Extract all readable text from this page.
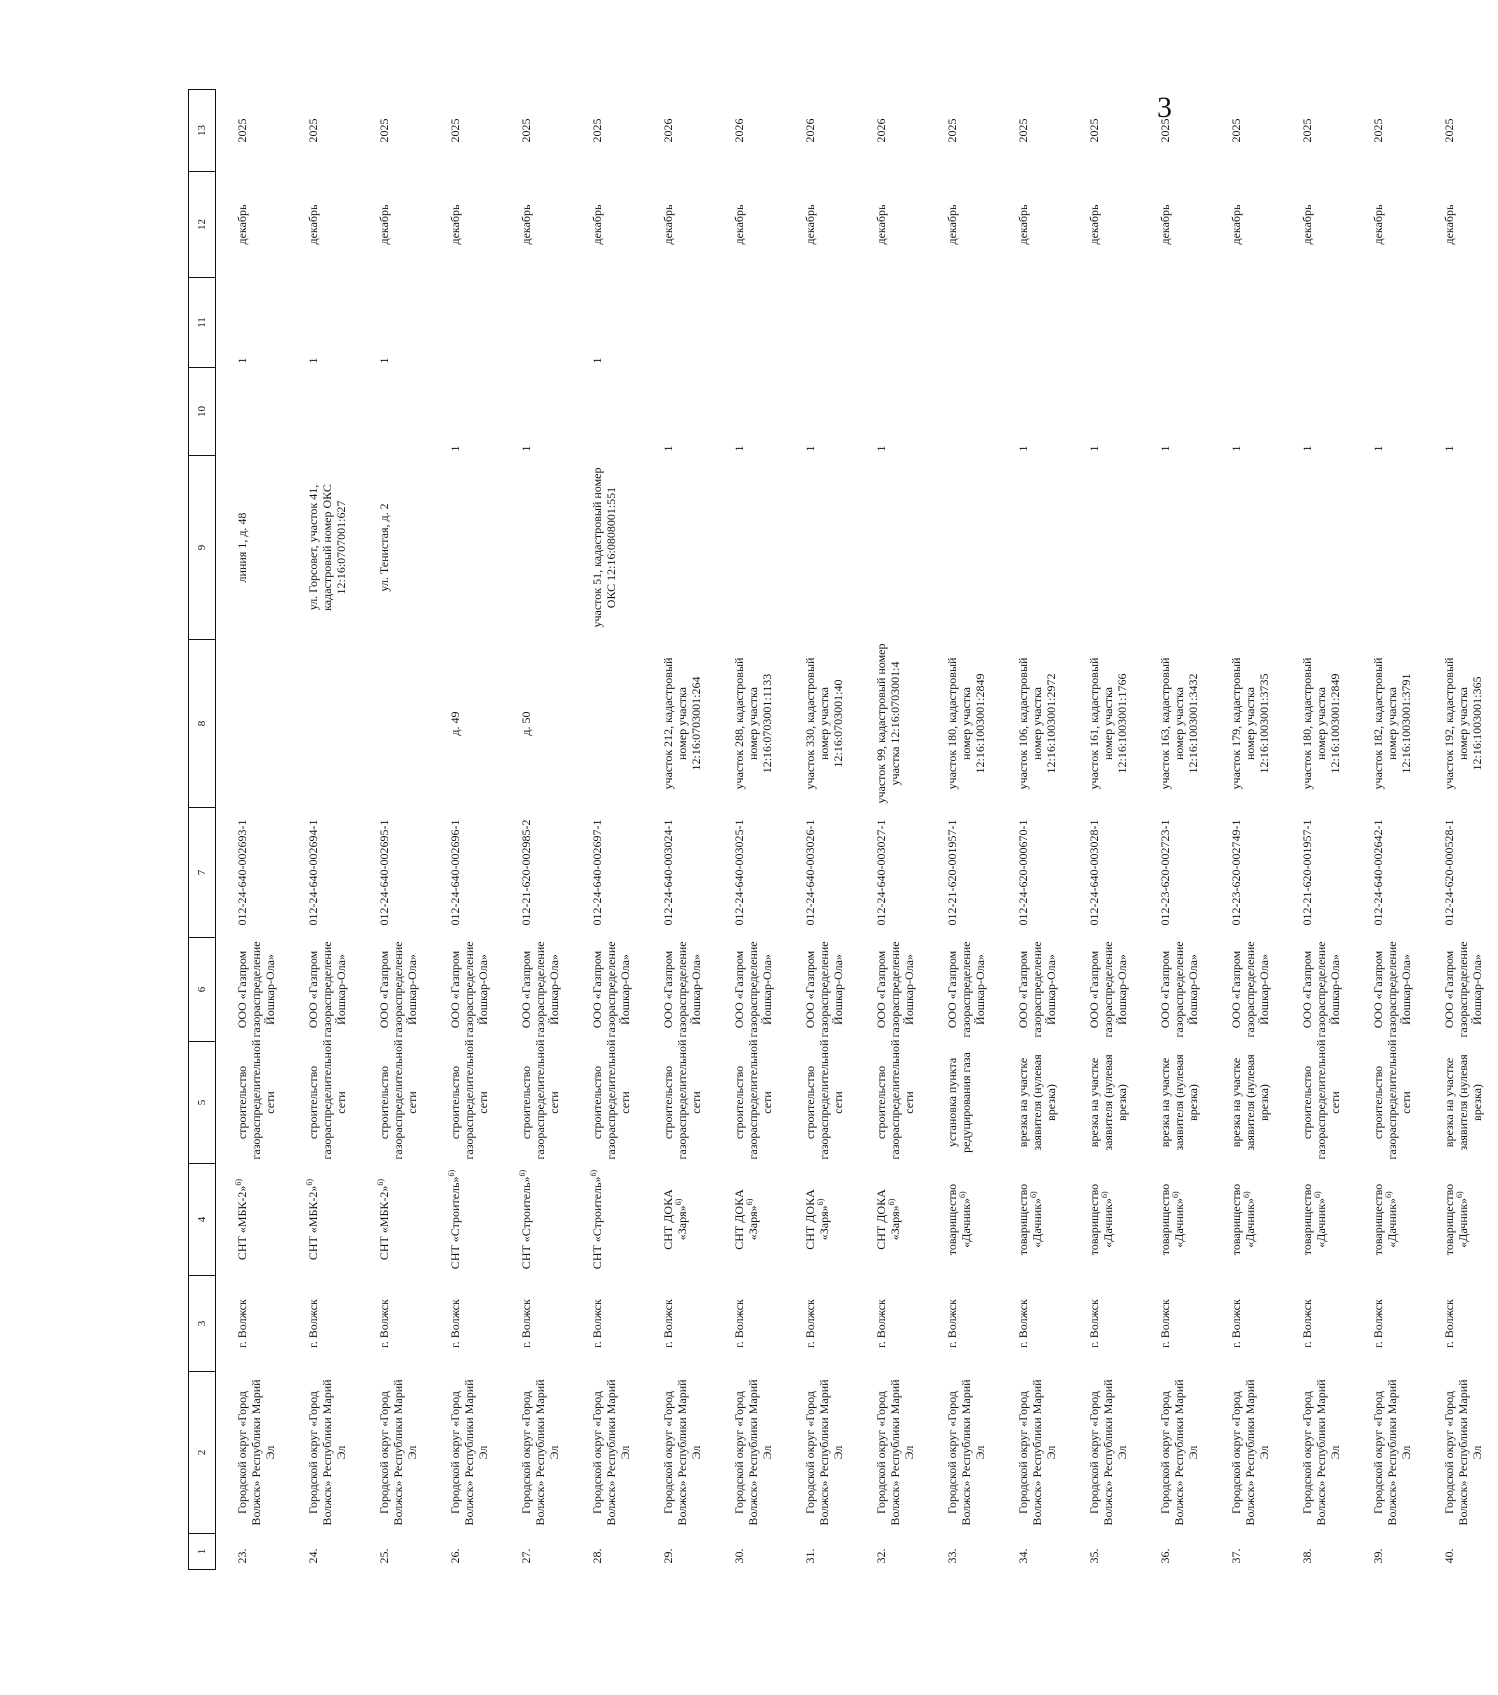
3
1	2	3	4	5	6	7	8	9	10	11	12	13
23.	Городской округ «Город Волжск» Республики Марий Эл	г. Волжск	СНТ «МБК-2»$^{6)}$	строительство газораспределительной сети	ООО «Газпром газораспределение Йошкар-Ола»	012-24-640-002693-1		линия 1, д. 48		1	декабрь	2025
24.	Городской округ «Город Волжск» Республики Марий Эл	г. Волжск	СНТ «МБК-2»$^{6)}$	строительство газораспределительной сети	ООО «Газпром газораспределение Йошкар-Ола»	012-24-640-002694-1		ул. Горсовет, участок 41, кадастровый номер ОКС 12:16:0707001:627		1	декабрь	2025
25.	Городской округ «Город Волжск» Республики Марий Эл	г. Волжск	СНТ «МБК-2»$^{6)}$	строительство газораспределительной сети	ООО «Газпром газораспределение Йошкар-Ола»	012-24-640-002695-1		ул. Тенистая, д. 2		1	декабрь	2025
26.	Городской округ «Город Волжск» Республики Марий Эл	г. Волжск	СНТ «Строитель»$^{6)}$	строительство газораспределительной сети	ООО «Газпром газораспределение Йошкар-Ола»	012-24-640-002696-1	д. 49		1		декабрь	2025
27.	Городской округ «Город Волжск» Республики Марий Эл	г. Волжск	СНТ «Строитель»$^{6)}$	строительство газораспределительной сети	ООО «Газпром газораспределение Йошкар-Ола»	012-21-620-002985-2	д. 50		1		декабрь	2025
28.	Городской округ «Город Волжск» Республики Марий Эл	г. Волжск	СНТ «Строитель»$^{6)}$	строительство газораспределительной сети	ООО «Газпром газораспределение Йошкар-Ола»	012-24-640-002697-1		участок 51, кадастровый номер ОКС 12:16:0808001:551		1	декабрь	2025
29.	Городской округ «Город Волжск» Республики Марий Эл	г. Волжск	СНТ ДОКА «Заря»$^{6)}$	строительство газораспределительной сети	ООО «Газпром газораспределение Йошкар-Ола»	012-24-640-003024-1	участок 212, кадастровый номер участка 12:16:0703001:264		1		декабрь	2026
30.	Городской округ «Город Волжск» Республики Марий Эл	г. Волжск	СНТ ДОКА «Заря»$^{6)}$	строительство газораспределительной сети	ООО «Газпром газораспределение Йошкар-Ола»	012-24-640-003025-1	участок 288, кадастровый номер участка 12:16:0703001:1133		1		декабрь	2026
31.	Городской округ «Город Волжск» Республики Марий Эл	г. Волжск	СНТ ДОКА «Заря»$^{6)}$	строительство газораспределительной сети	ООО «Газпром газораспределение Йошкар-Ола»	012-24-640-003026-1	участок 330, кадастровый номер участка 12:16:0703001:40		1		декабрь	2026
32.	Городской округ «Город Волжск» Республики Марий Эл	г. Волжск	СНТ ДОКА «Заря»$^{6)}$	строительство газораспределительной сети	ООО «Газпром газораспределение Йошкар-Ола»	012-24-640-003027-1	участок 99, кадастровый номер участка 12:16:0703001:4		1		декабрь	2026
33.	Городской округ «Город Волжск» Республики Марий Эл	г. Волжск	товарищество «Дачник»$^{6)}$	установка пункта редуцирования газа	ООО «Газпром газораспределение Йошкар-Ола»	012-21-620-001957-1	участок 180, кадастровый номер участка 12:16:1003001:2849				декабрь	2025
34.	Городской округ «Город Волжск» Республики Марий Эл	г. Волжск	товарищество «Дачник»$^{6)}$	врезка на участке заявителя (нулевая врезка)	ООО «Газпром газораспределение Йошкар-Ола»	012-24-620-000670-1	участок 106, кадастровый номер участка 12:16:1003001:2972		1		декабрь	2025
35.	Городской округ «Город Волжск» Республики Марий Эл	г. Волжск	товарищество «Дачник»$^{6)}$	врезка на участке заявителя (нулевая врезка)	ООО «Газпром газораспределение Йошкар-Ола»	012-24-640-003028-1	участок 161, кадастровый номер участка 12:16:1003001:1766		1		декабрь	2025
36.	Городской округ «Город Волжск» Республики Марий Эл	г. Волжск	товарищество «Дачник»$^{6)}$	врезка на участке заявителя (нулевая врезка)	ООО «Газпром газораспределение Йошкар-Ола»	012-23-620-002723-1	участок 163, кадастровый номер участка 12:16:1003001:3432		1		декабрь	2025
37.	Городской округ «Город Волжск» Республики Марий Эл	г. Волжск	товарищество «Дачник»$^{6)}$	врезка на участке заявителя (нулевая врезка)	ООО «Газпром газораспределение Йошкар-Ола»	012-23-620-002749-1	участок 179, кадастровый номер участка 12:16:1003001:3735		1		декабрь	2025
38.	Городской округ «Город Волжск» Республики Марий Эл	г. Волжск	товарищество «Дачник»$^{6)}$	строительство газораспределительной сети	ООО «Газпром газораспределение Йошкар-Ола»	012-21-620-001957-1	участок 180, кадастровый номер участка 12:16:1003001:2849		1		декабрь	2025
39.	Городской округ «Город Волжск» Республики Марий Эл	г. Волжск	товарищество «Дачник»$^{6)}$	строительство газораспределительной сети	ООО «Газпром газораспределение Йошкар-Ола»	012-24-640-002642-1	участок 182, кадастровый номер участка 12:16:1003001:3791		1		декабрь	2025
40.	Городской округ «Город Волжск» Республики Марий Эл	г. Волжск	товарищество «Дачник»$^{6)}$	врезка на участке заявителя (нулевая врезка)	ООО «Газпром газораспределение Йошкар-Ола»	012-24-620-000528-1	участок 192, кадастровый номер участка 12:16:1003001:365		1		декабрь	2025
